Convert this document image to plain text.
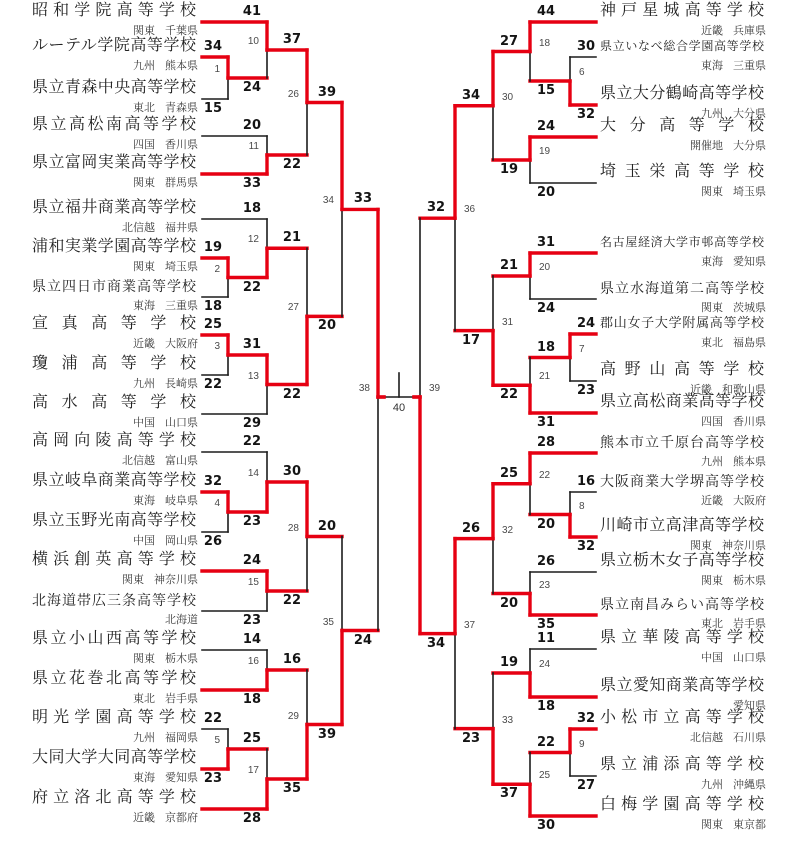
昭和学院高等学校
関東 千葉県
ルーテル学院高等学校
九州 熊本県
県立青森中央高等学校
東北 青森県
県立高松南高等学校
四国 香川県
県立富岡実業高等学校
関東 群馬県
県立福井商業高等学校
北信越 福井県
浦和実業学園高等学校
関東 埼玉県
県立四日市商業高等学校
東海 三重県
宣真高等学校
近畿 大阪府
瓊浦高等学校
九州 長崎県
高水高等学校
中国 山口県
高岡向陵高等学校
北信越 富山県
県立岐阜商業高等学校
東海 岐阜県
県立玉野光南高等学校
中国 岡山県
横浜創英高等学校
関東 神奈川県
北海道帯広三条高等学校
北海道
県立小山西高等学校
関東 栃木県
県立花巻北高等学校
東北 岩手県
明光学園高等学校
九州 福岡県
大同大学大同高等学校
東海 愛知県
府立洛北高等学校
近畿 京都府
神戸星城高等学校
近畿 兵庫県
県立いなべ総合学園高等学校
東海 三重県
県立大分鶴崎高等学校
九州 大分県
大分高等学校
開催地 大分県
埼玉栄高等学校
関東 埼玉県
名古屋経済大学市邨高等学校
東海 愛知県
県立水海道第二高等学校
関東 茨城県
郡山女子大学附属高等学校
東北 福島県
高野山高等学校
近畿 和歌山県
県立高松商業高等学校
四国 香川県
熊本市立千原台高等学校
九州 熊本県
大阪商業大学堺高等学校
近畿 大阪府
川崎市立高津高等学校
関東 神奈川県
県立栃木女子高等学校
関東 栃木県
県立南昌みらい高等学校
東北 岩手県
県立華陵高等学校
中国 山口県
県立愛知商業高等学校
愛知県
小松市立高等学校
北信越 石川県
県立浦添高等学校
九州 沖縄県
白梅学園高等学校
関東 東京都
34
15
1
19
18
2
25
22
3
32
26
4
22
23
5
30
32
6
24
23
7
16
32
8
32
27
9
41
24
10
20
33
11
18
22
12
31
29
13
22
23
14
24
23
15
14
18
16
25
28
17
44
15
18
24
20
19
31
24
20
18
31
21
28
20
22
26
35
23
11
18
24
22
30
25
37
22
26
21
22
27
30
22
28
16
35
29
27
19
30
21
22
31
25
20
32
19
37
33
39
20
34
20
39
35
34
17
36
26
23
37
33
24
38
32
34
39
40
